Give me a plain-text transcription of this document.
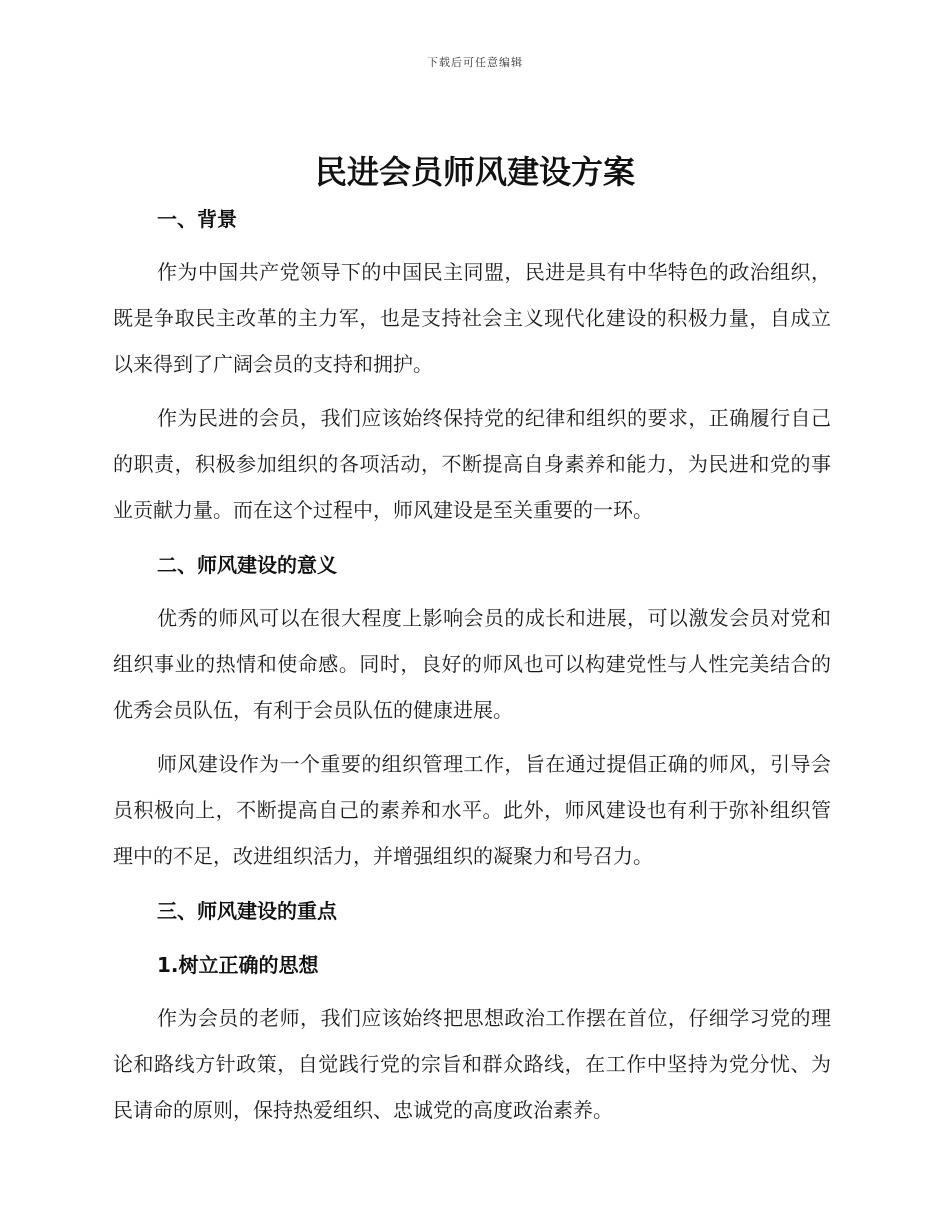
下载后可任意编辑
民进会员师风建设方案
一、背景

作为中国共产党领导下的中国民主同盟，民进是具有中华特色的政治组织，既是争取民主改革的主力军，也是支持社会主义现代化建设的积极力量，自成立以来得到了广阔会员的支持和拥护。

作为民进的会员，我们应该始终保持党的纪律和组织的要求，正确履行自己的职责，积极参加组织的各项活动，不断提高自身素养和能力，为民进和党的事业贡献力量。而在这个过程中，师风建设是至关重要的一环。

二、师风建设的意义

优秀的师风可以在很大程度上影响会员的成长和进展，可以激发会员对党和组织事业的热情和使命感。同时，良好的师风也可以构建党性与人性完美结合的优秀会员队伍，有利于会员队伍的健康进展。

师风建设作为一个重要的组织管理工作，旨在通过提倡正确的师风，引导会员积极向上，不断提高自己的素养和水平。此外，师风建设也有利于弥补组织管理中的不足，改进组织活力，并增强组织的凝聚力和号召力。

三、师风建设的重点
1.树立正确的思想

作为会员的老师，我们应该始终把思想政治工作摆在首位，仔细学习党的理论和路线方针政策，自觉践行党的宗旨和群众路线，在工作中坚持为党分忧、为民请命的原则，保持热爱组织、忠诚党的高度政治素养。
